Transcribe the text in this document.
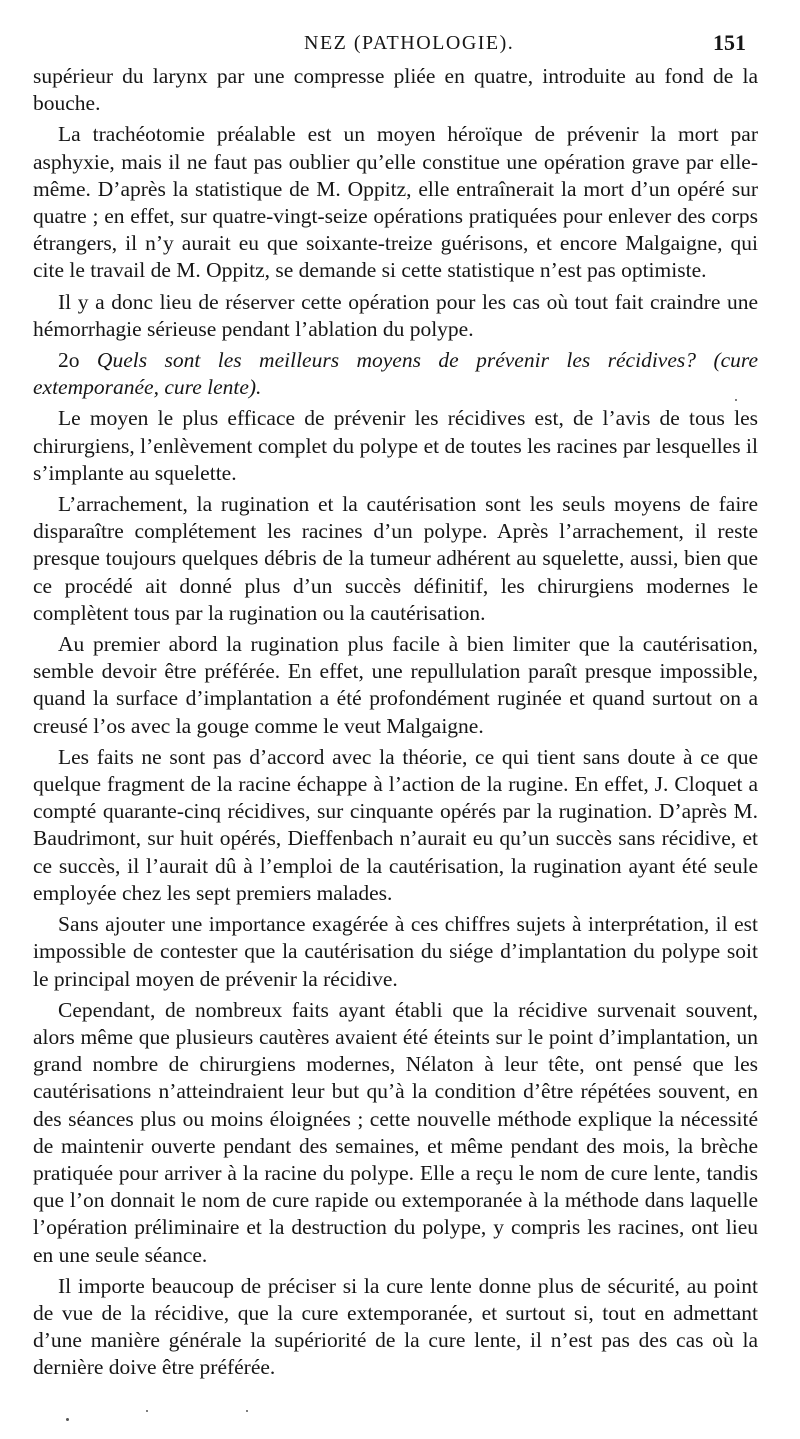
NEZ (PATHOLOGIE).	151

supérieur du larynx par une compresse pliée en quatre, introduite au fond de la bouche.

La trachéotomie préalable est un moyen héroïque de prévenir la mort par asphyxie, mais il ne faut pas oublier qu’elle constitue une opération grave par elle-même. D’après la statistique de M. Oppitz, elle entraînerait la mort d’un opéré sur quatre ; en effet, sur quatre-vingt-seize opérations pratiquées pour enlever des corps étrangers, il n’y aurait eu que soixante-treize guérisons, et encore Malgaigne, qui cite le travail de M. Oppitz, se demande si cette statistique n’est pas optimiste.

Il y a donc lieu de réserver cette opération pour les cas où tout fait craindre une hémorrhagie sérieuse pendant l’ablation du polype.

2o Quels sont les meilleurs moyens de prévenir les récidives? (cure extemporanée, cure lente).

Le moyen le plus efficace de prévenir les récidives est, de l’avis de tous les chirurgiens, l’enlèvement complet du polype et de toutes les racines par lesquelles il s’implante au squelette.

L’arrachement, la rugination et la cautérisation sont les seuls moyens de faire disparaître complétement les racines d’un polype. Après l’arrachement, il reste presque toujours quelques débris de la tumeur adhérent au squelette, aussi, bien que ce procédé ait donné plus d’un succès définitif, les chirurgiens modernes le complètent tous par la rugination ou la cautérisation.

Au premier abord la rugination plus facile à bien limiter que la cautérisation, semble devoir être préférée. En effet, une repullulation paraît presque impossible, quand la surface d’implantation a été profondément ruginée et quand surtout on a creusé l’os avec la gouge comme le veut Malgaigne.

Les faits ne sont pas d’accord avec la théorie, ce qui tient sans doute à ce que quelque fragment de la racine échappe à l’action de la rugine. En effet, J. Cloquet a compté quarante-cinq récidives, sur cinquante opérés par la rugination. D’après M. Baudrimont, sur huit opérés, Dieffenbach n’aurait eu qu’un succès sans récidive, et ce succès, il l’aurait dû à l’emploi de la cautérisation, la rugination ayant été seule employée chez les sept premiers malades.

Sans ajouter une importance exagérée à ces chiffres sujets à interprétation, il est impossible de contester que la cautérisation du siége d’implantation du polype soit le principal moyen de prévenir la récidive.

Cependant, de nombreux faits ayant établi que la récidive survenait souvent, alors même que plusieurs cautères avaient été éteints sur le point d’implantation, un grand nombre de chirurgiens modernes, Nélaton à leur tête, ont pensé que les cautérisations n’atteindraient leur but qu’à la condition d’être répétées souvent, en des séances plus ou moins éloignées ; cette nouvelle méthode explique la nécessité de maintenir ouverte pendant des semaines, et même pendant des mois, la brèche pratiquée pour arriver à la racine du polype. Elle a reçu le nom de cure lente, tandis que l’on donnait le nom de cure rapide ou extemporanée à la méthode dans laquelle l’opération préliminaire et la destruction du polype, y compris les racines, ont lieu en une seule séance.

Il importe beaucoup de préciser si la cure lente donne plus de sécurité, au point de vue de la récidive, que la cure extemporanée, et surtout si, tout en admettant d’une manière générale la supériorité de la cure lente, il n’est pas des cas où la dernière doive être préférée.
